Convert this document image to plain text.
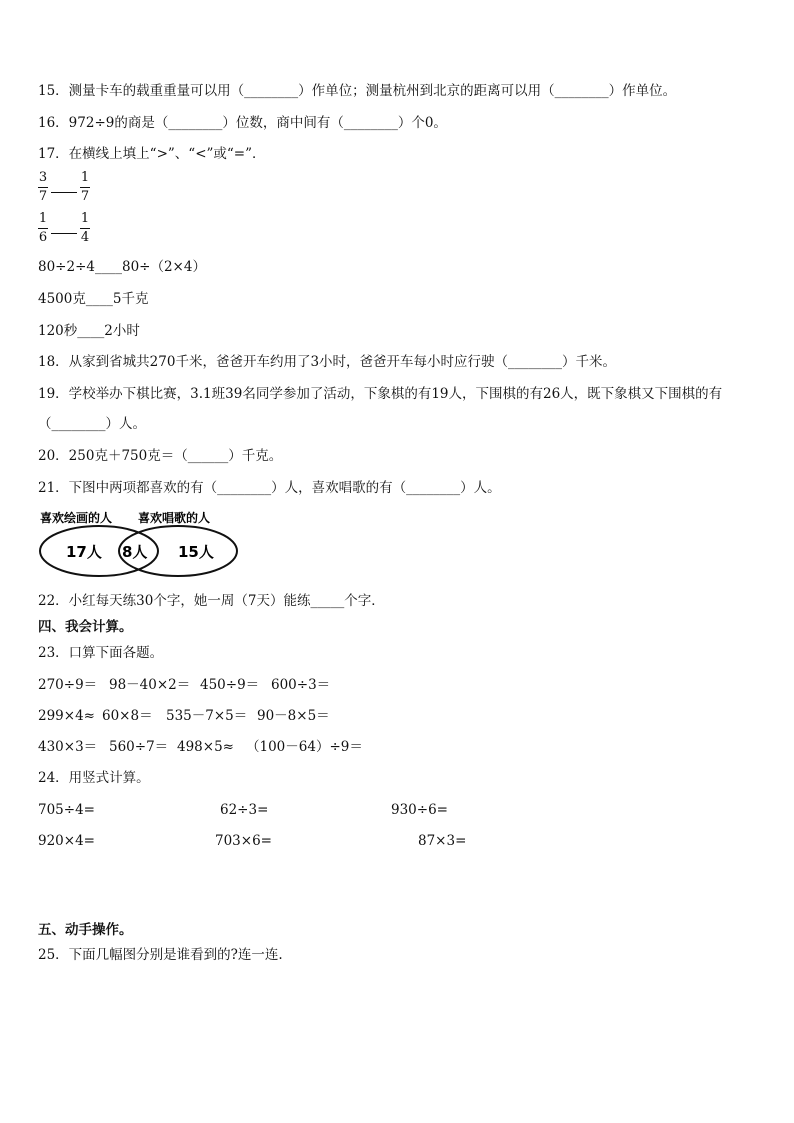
15．测量卡车的载重重量可以用（________）作单位；测量杭州到北京的距离可以用（________）作单位。
16．972÷9的商是（________）位数，商中间有（________）个0。
17．在横线上填上“>”、“<”或“=”．
3
7
1
7
1
6
1
4
80÷2÷4____80÷（2×4）
4500克____5千克
120秒____2小时
18．从家到省城共270千米，爸爸开车约用了3小时，爸爸开车每小时应行驶（________）千米。
19．学校举办下棋比赛，3.1班39名同学参加了活动，下象棋的有19人，下围棋的有26人，既下象棋又下围棋的有
（________）人。
20．250克＋750克＝（______）千克。
21．下图中两项都喜欢的有（________）人，喜欢唱歌的有（________）人。
喜欢绘画的人 喜欢唱歌的人
17人 8人 15人
22．小红每天练30个字，她一周（7天）能练_____个字．
四、我会计算。
23．口算下面各题。
270÷9＝ 98－40×2＝ 450÷9＝ 600÷3＝
299×4≈ 60×8＝ 535－7×5＝ 90－8×5＝
430×3＝ 560÷7＝ 498×5≈ （100－64）÷9＝
24．用竖式计算。
705÷4=	62÷3=	930÷6=
920×4=	703×6=	87×3=
五、动手操作。
25．下面几幅图分别是谁看到的?连一连.
